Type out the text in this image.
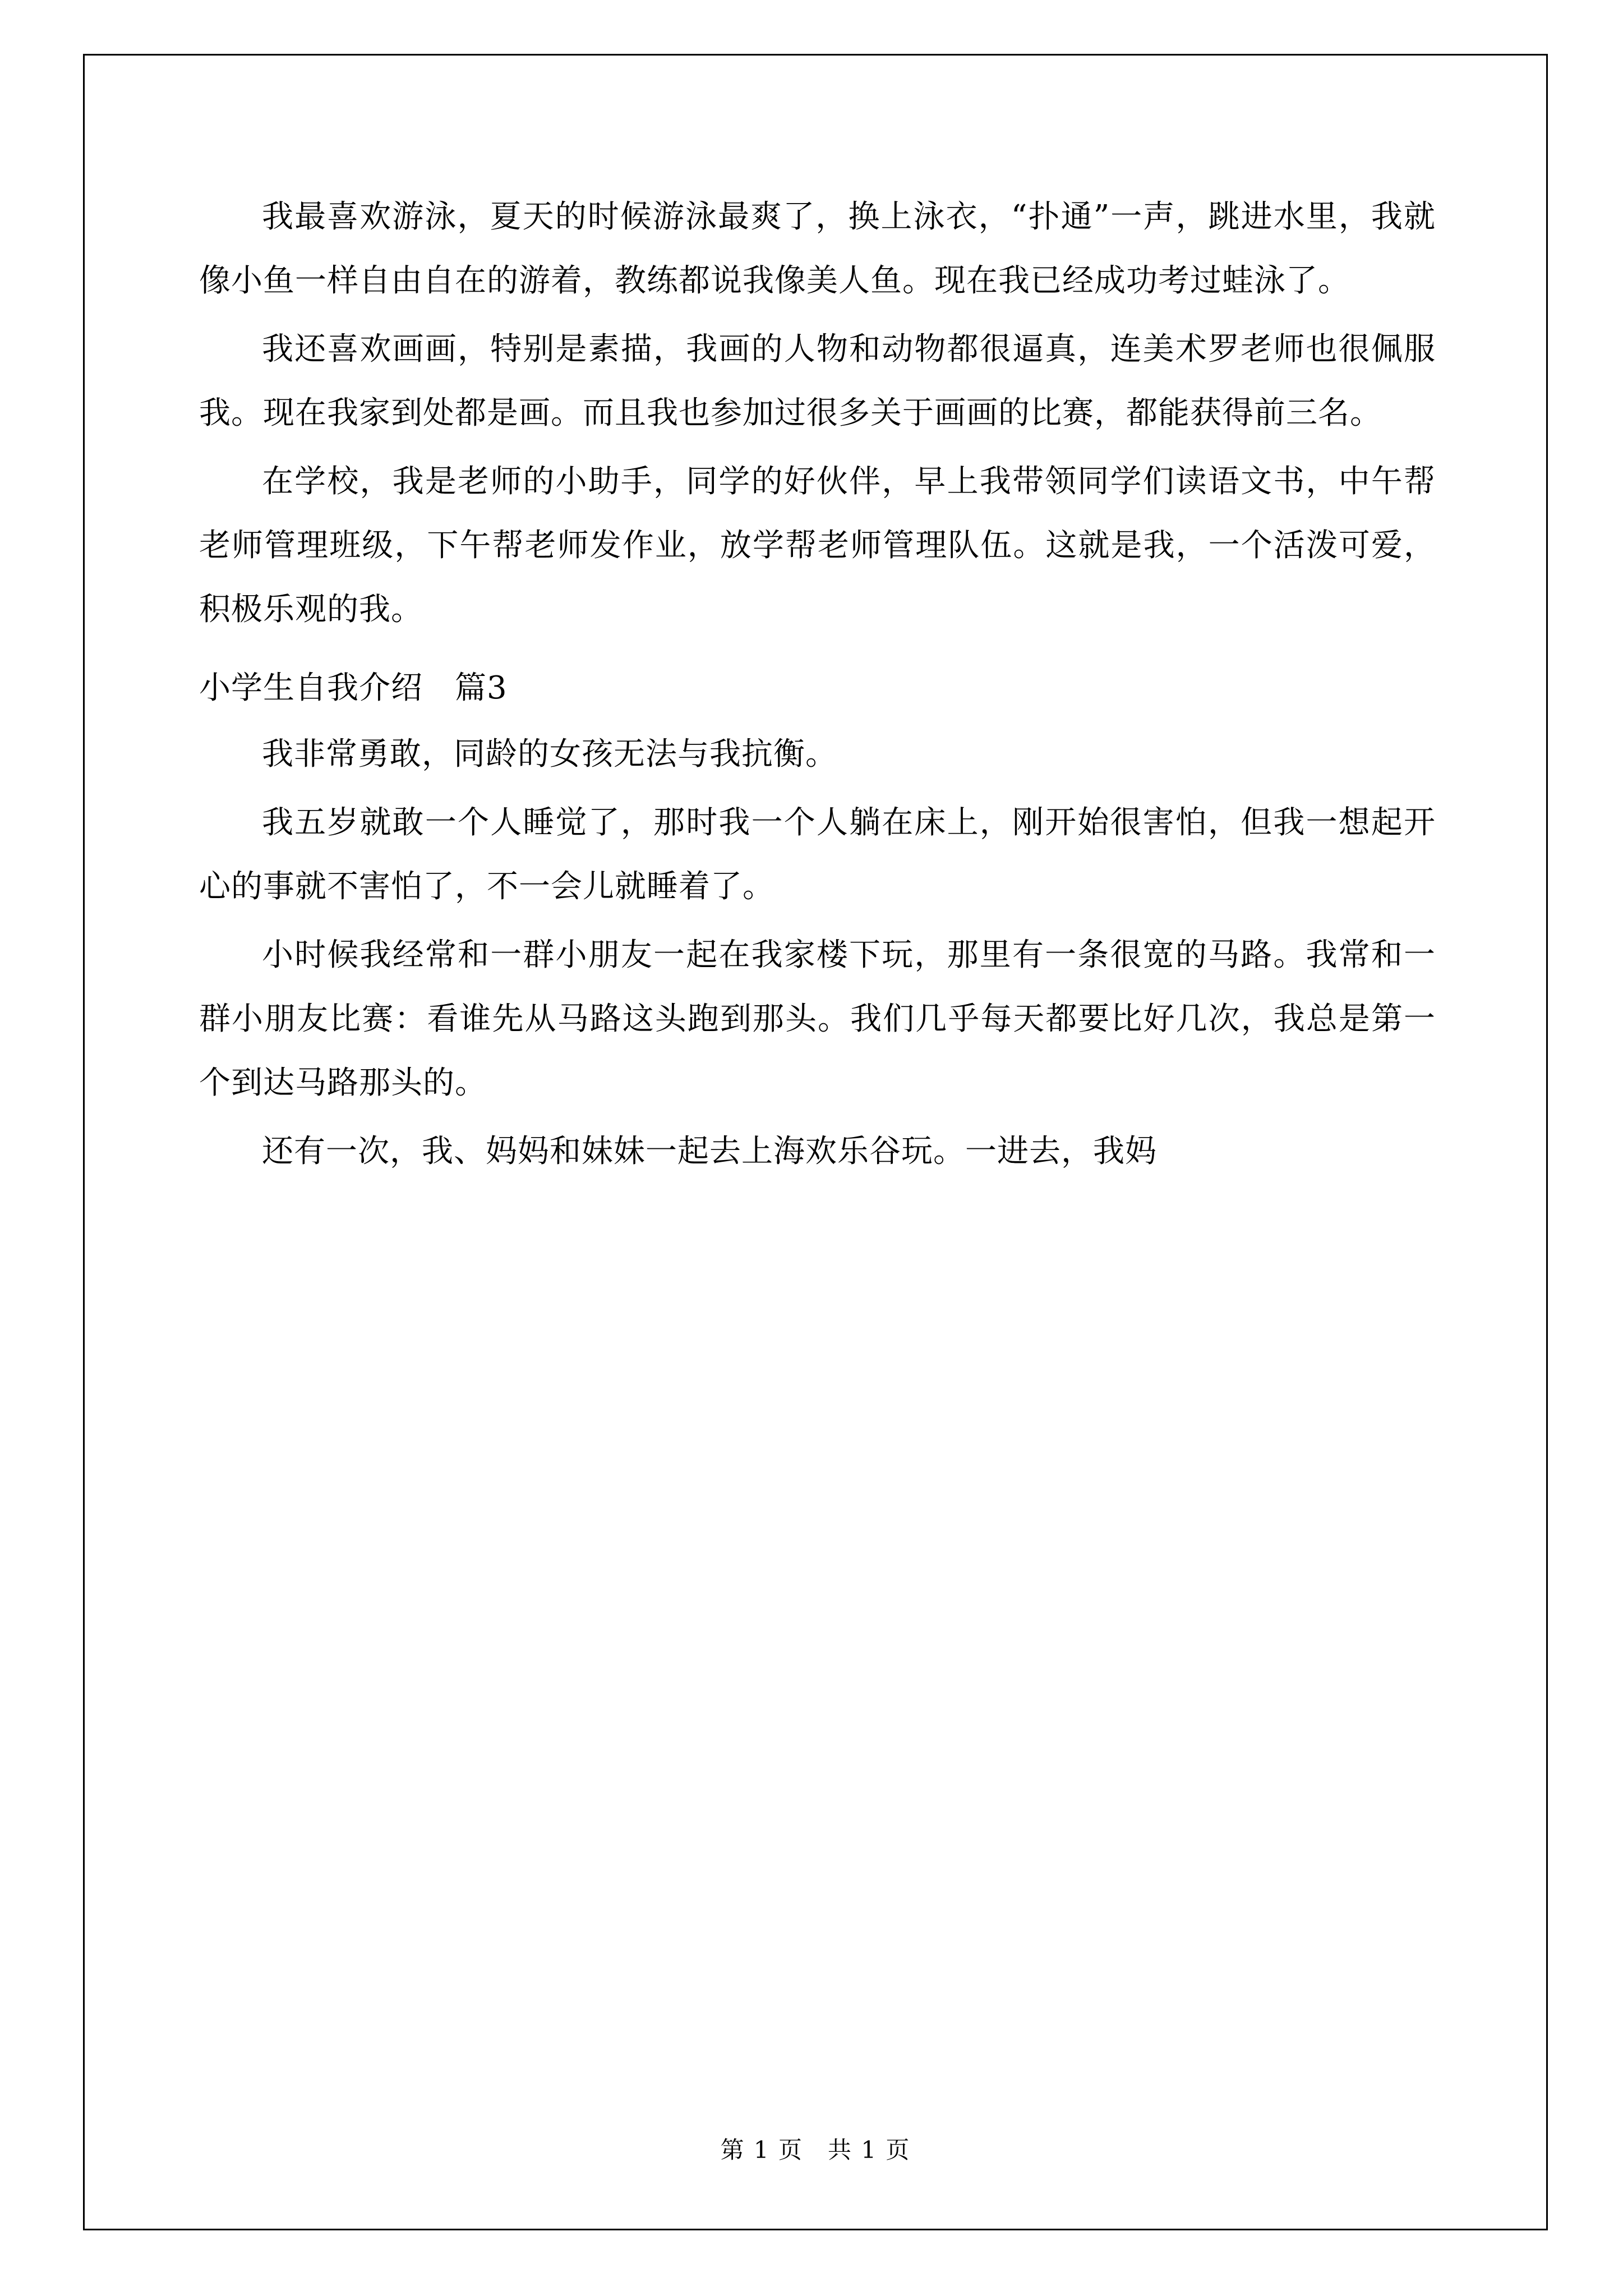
我最喜欢游泳，夏天的时候游泳最爽了，换上泳衣，“扑通”一声，跳进水里，我就像小鱼一样自由自在的游着，教练都说我像美人鱼。现在我已经成功考过蛙泳了。

我还喜欢画画，特别是素描，我画的人物和动物都很逼真，连美术罗老师也很佩服我。现在我家到处都是画。而且我也参加过很多关于画画的比赛，都能获得前三名。

在学校，我是老师的小助手，同学的好伙伴，早上我带领同学们读语文书，中午帮老师管理班级，下午帮老师发作业，放学帮老师管理队伍。这就是我，一个活泼可爱，积极乐观的我。

小学生自我介绍　篇3

我非常勇敢，同龄的女孩无法与我抗衡。

我五岁就敢一个人睡觉了，那时我一个人躺在床上，刚开始很害怕，但我一想起开心的事就不害怕了，不一会儿就睡着了。

小时候我经常和一群小朋友一起在我家楼下玩，那里有一条很宽的马路。我常和一群小朋友比赛：看谁先从马路这头跑到那头。我们几乎每天都要比好几次，我总是第一个到达马路那头的。

还有一次，我、妈妈和妹妹一起去上海欢乐谷玩。一进去，我妈

第 1 页　共 1 页
